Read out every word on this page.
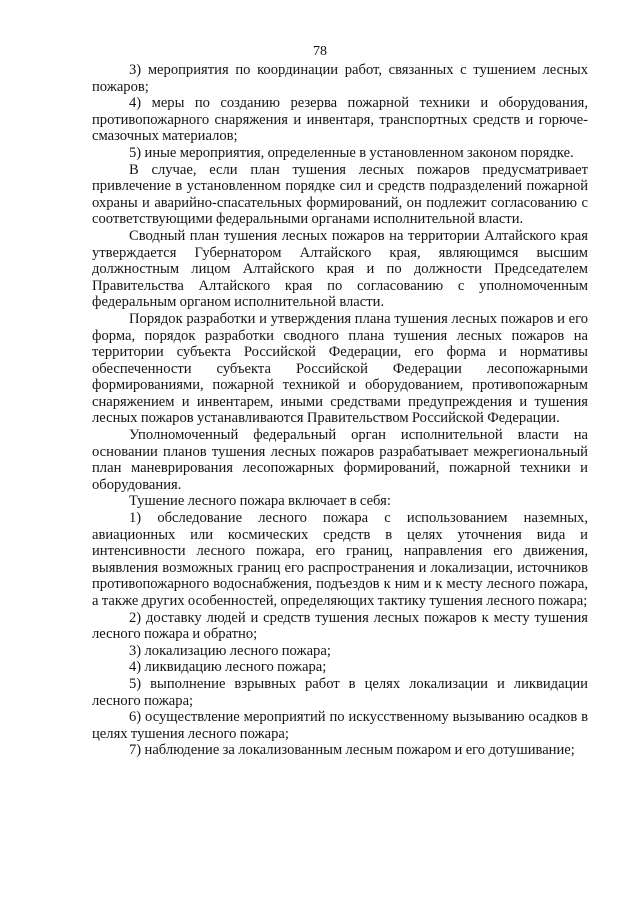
78

3) мероприятия по координации работ, связанных с тушением лесных пожаров;

4) меры по созданию резерва пожарной техники и оборудования, противопожарного снаряжения и инвентаря, транспортных средств и горюче-смазочных материалов;

5) иные мероприятия, определенные в установленном законом порядке.

В случае, если план тушения лесных пожаров предусматривает привлечение в установленном порядке сил и средств подразделений пожарной охраны и аварийно-спасательных формирований, он подлежит согласованию с соответствующими федеральными органами исполнительной власти.

Сводный план тушения лесных пожаров на территории Алтайского края утверждается Губернатором Алтайского края, являющимся высшим должностным лицом Алтайского края и по должности Председателем Правительства Алтайского края по согласованию с уполномоченным федеральным органом исполнительной власти.

Порядок разработки и утверждения плана тушения лесных пожаров и его форма, порядок разработки сводного плана тушения лесных пожаров на территории субъекта Российской Федерации, его форма и нормативы обеспеченности субъекта Российской Федерации лесопожарными формированиями, пожарной техникой и оборудованием, противопожарным снаряжением и инвентарем, иными средствами предупреждения и тушения лесных пожаров устанавливаются Правительством Российской Федерации.

Уполномоченный федеральный орган исполнительной власти на основании планов тушения лесных пожаров разрабатывает межрегиональный план маневрирования лесопожарных формирований, пожарной техники и оборудования.

Тушение лесного пожара включает в себя:

1) обследование лесного пожара с использованием наземных, авиационных или космических средств в целях уточнения вида и интенсивности лесного пожара, его границ, направления его движения, выявления возможных границ его распространения и локализации, источников противопожарного водоснабжения, подъездов к ним и к месту лесного пожара, а также других особенностей, определяющих тактику тушения лесного пожара;

2) доставку людей и средств тушения лесных пожаров к месту тушения лесного пожара и обратно;

3) локализацию лесного пожара;

4) ликвидацию лесного пожара;

5) выполнение взрывных работ в целях локализации и ликвидации лесного пожара;

6) осуществление мероприятий по искусственному вызыванию осадков в целях тушения лесного пожара;

7) наблюдение за локализованным лесным пожаром и его дотушивание;
